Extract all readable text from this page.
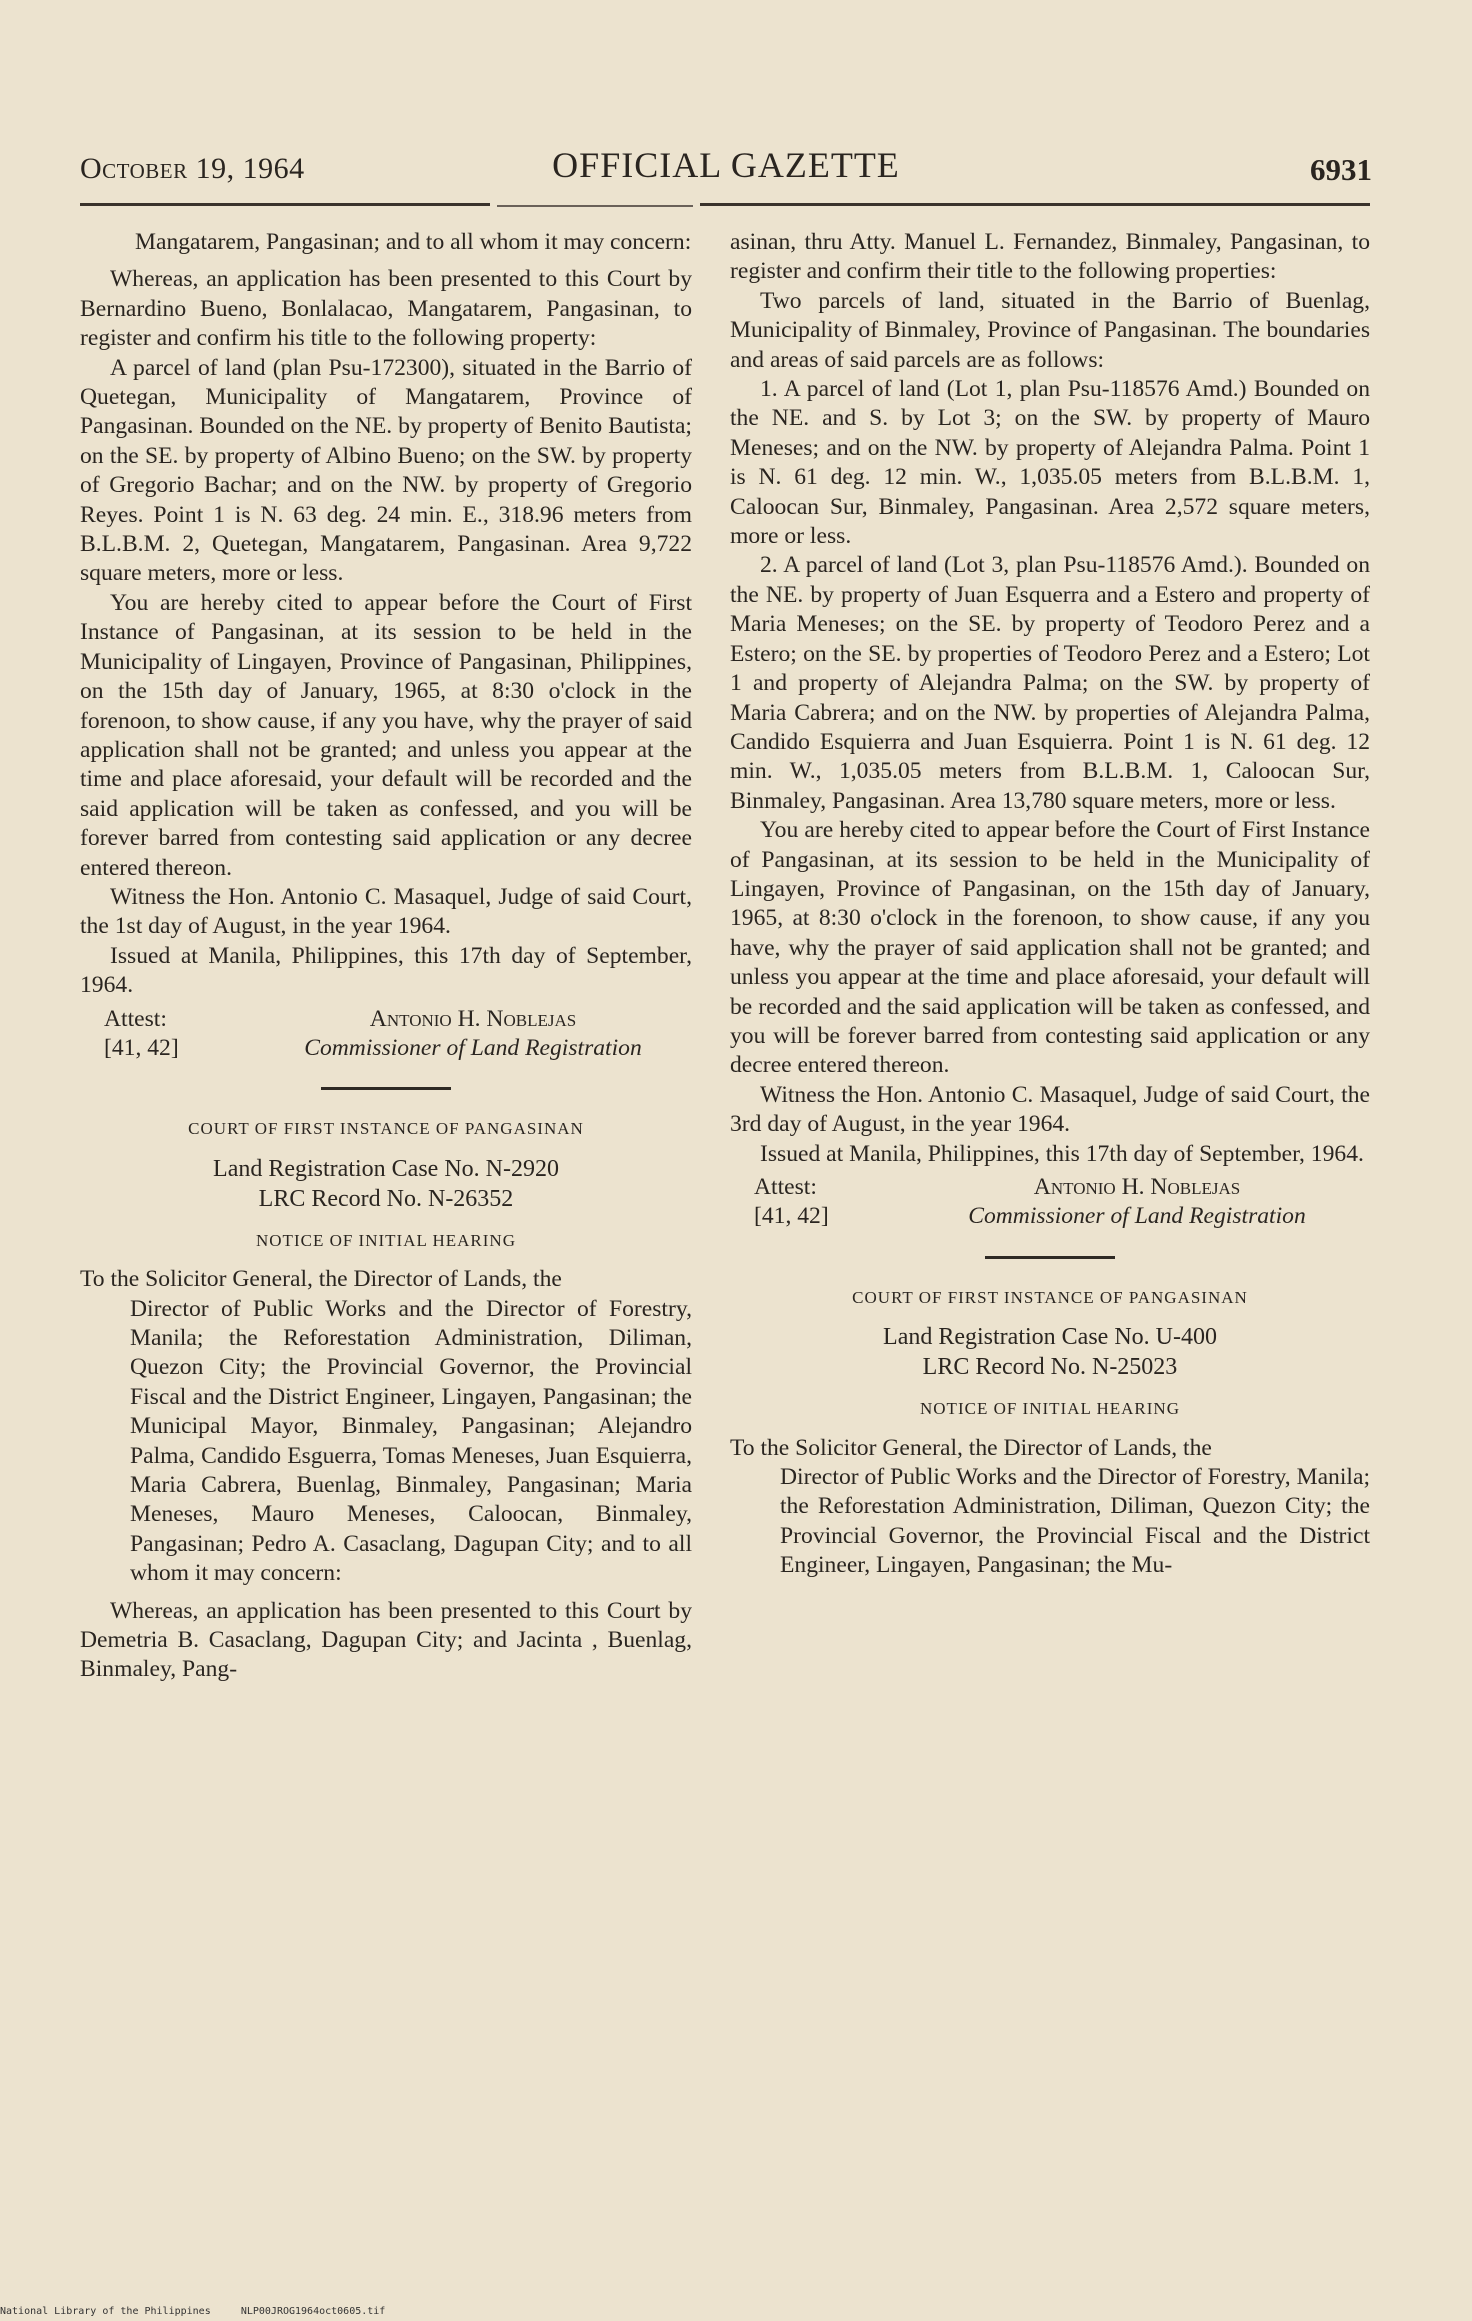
October 19, 1964	OFFICIAL GAZETTE	6931

Mangatarem, Pangasinan; and to all whom it may concern:

Whereas, an application has been presented to this Court by Bernardino Bueno, Bonlalacao, Mangatarem, Pangasinan, to register and confirm his title to the following property:

A parcel of land (plan Psu-172300), situated in the Barrio of Quetegan, Municipality of Mangatarem, Province of Pangasinan. Bounded on the NE. by property of Benito Bautista; on the SE. by property of Albino Bueno; on the SW. by property of Gregorio Bachar; and on the NW. by property of Gregorio Reyes. Point 1 is N. 63 deg. 24 min. E., 318.96 meters from B.L.B.M. 2, Quetegan, Mangatarem, Pangasinan. Area 9,722 square meters, more or less.

You are hereby cited to appear before the Court of First Instance of Pangasinan, at its session to be held in the Municipality of Lingayen, Province of Pangasinan, Philippines, on the 15th day of January, 1965, at 8:30 o'clock in the forenoon, to show cause, if any you have, why the prayer of said application shall not be granted; and unless you appear at the time and place aforesaid, your default will be recorded and the said application will be taken as confessed, and you will be forever barred from contesting said application or any decree entered thereon.

Witness the Hon. Antonio C. Masaquel, Judge of said Court, the 1st day of August, in the year 1964.

Issued at Manila, Philippines, this 17th day of September, 1964.

Attest:
[41, 42]
Antonio H. Noblejas
Commissioner of Land Registration
COURT OF FIRST INSTANCE OF PANGASINAN
Land Registration Case No. N-2920
LRC Record No. N-26352
NOTICE OF INITIAL HEARING

To the Solicitor General, the Director of Lands, the

Director of Public Works and the Director of Forestry, Manila; the Reforestation Administration, Diliman, Quezon City; the Provincial Governor, the Provincial Fiscal and the District Engineer, Lingayen, Pangasinan; the Municipal Mayor, Binmaley, Pangasinan; Alejandro Palma, Candido Esguerra, Tomas Meneses, Juan Esquierra, Maria Cabrera, Buenlag, Binmaley, Pangasinan; Maria Meneses, Mauro Meneses, Caloocan, Binmaley, Pangasinan; Pedro A. Casaclang, Dagupan City; and to all whom it may concern:

Whereas, an application has been presented to this Court by Demetria B. Casaclang, Dagupan City; and Jacinta , Buenlag, Binmaley, Pang-

asinan, thru Atty. Manuel L. Fernandez, Binmaley, Pangasinan, to register and confirm their title to the following properties:

Two parcels of land, situated in the Barrio of Buenlag, Municipality of Binmaley, Province of Pangasinan. The boundaries and areas of said parcels are as follows:

1. A parcel of land (Lot 1, plan Psu-118576 Amd.) Bounded on the NE. and S. by Lot 3; on the SW. by property of Mauro Meneses; and on the NW. by property of Alejandra Palma. Point 1 is N. 61 deg. 12 min. W., 1,035.05 meters from B.L.B.M. 1, Caloocan Sur, Binmaley, Pangasinan. Area 2,572 square meters, more or less.

2. A parcel of land (Lot 3, plan Psu-118576 Amd.). Bounded on the NE. by property of Juan Esquerra and a Estero and property of Maria Meneses; on the SE. by property of Teodoro Perez and a Estero; on the SE. by properties of Teodoro Perez and a Estero; Lot 1 and property of Alejandra Palma; on the SW. by property of Maria Cabrera; and on the NW. by properties of Alejandra Palma, Candido Esquierra and Juan Esquierra. Point 1 is N. 61 deg. 12 min. W., 1,035.05 meters from B.L.B.M. 1, Caloocan Sur, Binmaley, Pangasinan. Area 13,780 square meters, more or less.

You are hereby cited to appear before the Court of First Instance of Pangasinan, at its session to be held in the Municipality of Lingayen, Province of Pangasinan, on the 15th day of January, 1965, at 8:30 o'clock in the forenoon, to show cause, if any you have, why the prayer of said application shall not be granted; and unless you appear at the time and place aforesaid, your default will be recorded and the said application will be taken as confessed, and you will be forever barred from contesting said application or any decree entered thereon.

Witness the Hon. Antonio C. Masaquel, Judge of said Court, the 3rd day of August, in the year 1964.

Issued at Manila, Philippines, this 17th day of September, 1964.

Attest:
[41, 42]
Antonio H. Noblejas
Commissioner of Land Registration
COURT OF FIRST INSTANCE OF PANGASINAN
Land Registration Case No. U-400
LRC Record No. N-25023
NOTICE OF INITIAL HEARING

To the Solicitor General, the Director of Lands, the

Director of Public Works and the Director of Forestry, Manila; the Reforestation Administration, Diliman, Quezon City; the Provincial Governor, the Provincial Fiscal and the District Engineer, Lingayen, Pangasinan; the Mu-

National Library of the Philippines     NLP00JROG1964oct0605.tif
